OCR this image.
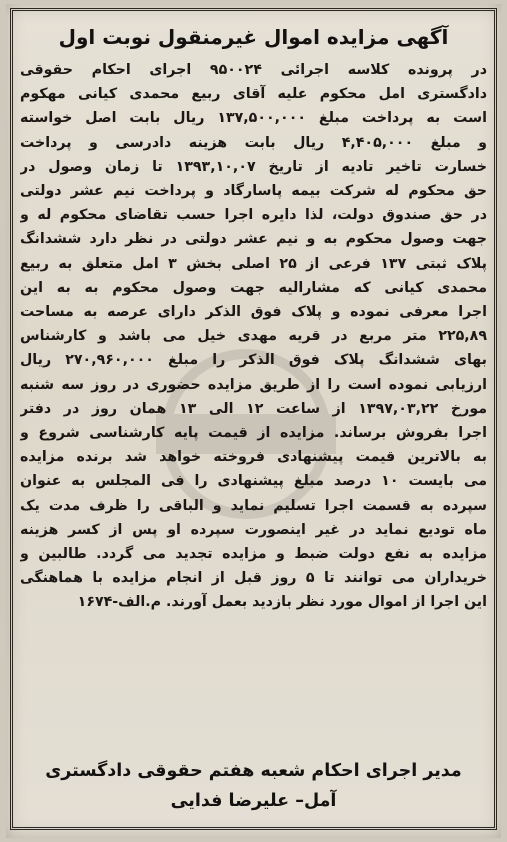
آگهی مزایده اموال غیرمنقول نوبت اول
در پرونده کلاسه اجرائی ۹۵۰۰۲۴ اجرای احکام حقوقی
دادگستری امل محکوم علیه آقای ربیع محمدی کیانی مهکوم
است به پرداخت مبلغ ۱۳۷,۵۰۰,۰۰۰ ریال بابت اصل خواسته
و مبلغ ۴,۴۰۵,۰۰۰ ریال بابت هزینه دادرسی و پرداخت
خسارت تاخیر تادیه از تاریخ ۱۳۹۳,۱۰,۰۷ تا زمان وصول در
حق محکوم له شرکت بیمه پاسارگاد و پرداخت نیم عشر دولتی
در حق صندوق دولت، لذا دایره اجرا حسب تقاضای محکوم له و
جهت وصول محکوم به و نیم عشر دولتی در نظر دارد ششدانگ
پلاک ثبتی ۱۳۷ فرعی از ۲۵ اصلی بخش ۳ امل متعلق به ربیع
محمدی کیانی که مشارالیه جهت وصول محکوم به به این
اجرا معرفی نموده و پلاک فوق الذکر دارای عرصه به مساحت
۲۲۵,۸۹ متر مربع در قریه مهدی خیل می باشد و کارشناس
بهای ششدانگ پلاک فوق الذکر را مبلغ ۲۷۰,۹۶۰,۰۰۰ ریال
ارزیابی نموده است را از طریق مزایده حضوری در روز سه شنبه
مورخ ۱۳۹۷,۰۳,۲۲ از ساعت ۱۲ الی ۱۳ همان روز در دفتر
اجرا بفروش برساند. مزایده از قیمت پایه کارشناسی شروع و
به بالاترین قیمت پیشنهادی فروخته خواهد شد برنده مزایده
می بایست ۱۰ درصد مبلغ پیشنهادی را فی المجلس به عنوان
سپرده به قسمت اجرا تسلیم نماید و الباقی را ظرف مدت یک
ماه تودیع نماید در غیر اینصورت سپرده او پس از کسر هزینه
مزایده به نفع دولت ضبط و مزایده تجدید می گردد. طالبین و
خریداران می توانند تا ۵ روز قبل از انجام مزایده با هماهنگی
این اجرا از اموال مورد نظر بازدید بعمل آورند. م.الف-۱۶۷۴
مدیر اجرای احکام شعبه هفتم حقوقی دادگستری
آمل– علیرضا فدایی
